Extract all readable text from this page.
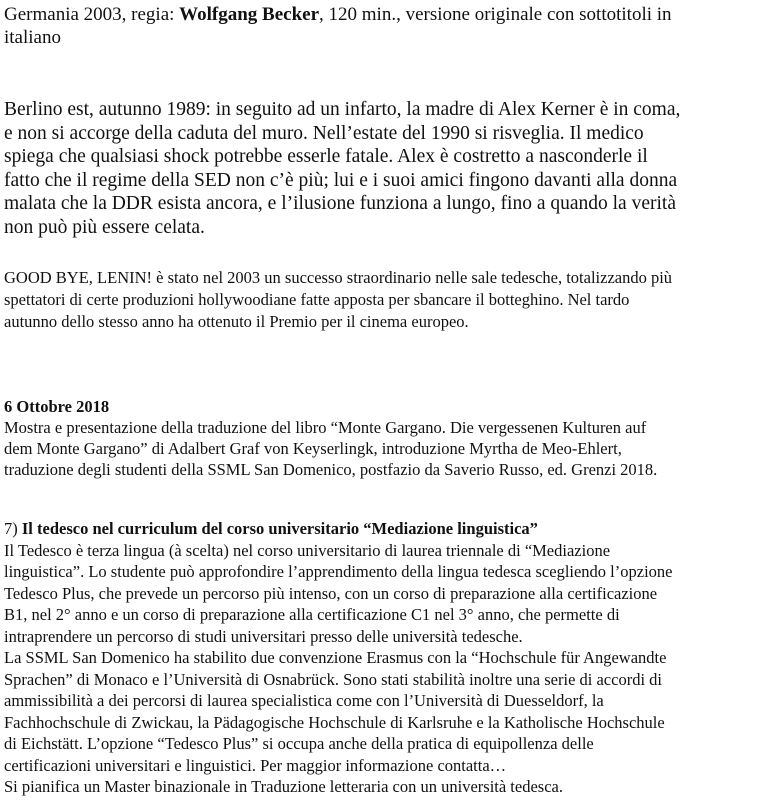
Germania 2003, regia: Wolfgang Becker, 120 min., versione originale con sottotitoli in
italiano
Berlino est, autunno 1989: in seguito ad un infarto, la madre di Alex Kerner è in coma,
e non si accorge della caduta del muro. Nell’estate del 1990 si risveglia. Il medico
spiega che qualsiasi shock potrebbe esserle fatale. Alex è costretto a nasconderle il
fatto che il regime della SED non c’è più; lui e i suoi amici fingono davanti alla donna
malata che la DDR esista ancora, e l’ilusione funziona a lungo, fino a quando la verità
non può più essere celata.
GOOD BYE, LENIN! è stato nel 2003 un successo straordinario nelle sale tedesche, totalizzando più
spettatori di certe produzioni hollywoodiane fatte apposta per sbancare il botteghino. Nel tardo
autunno dello stesso anno ha ottenuto il Premio per il cinema europeo.
6 Ottobre 2018
Mostra e presentazione della traduzione del libro “Monte Gargano. Die vergessenen Kulturen auf
dem Monte Gargano” di Adalbert Graf von Keyserlingk, introduzione Myrtha de Meo-Ehlert,
traduzione degli studenti della SSML San Domenico, postfazio da Saverio Russo, ed. Grenzi 2018.
7) Il tedesco nel curriculum del corso universitario “Mediazione linguistica”
Il Tedesco è terza lingua (à scelta) nel corso universitario di laurea triennale di “Mediazione
linguistica”. Lo studente può approfondire l’apprendimento della lingua tedesca scegliendo l’opzione
Tedesco Plus, che prevede un percorso più intenso, con un corso di preparazione alla certificazione
B1, nel 2° anno e un corso di preparazione alla certificazione C1 nel 3° anno, che permette di
intraprendere un percorso di studi universitari presso delle università tedesche.
La SSML San Domenico ha stabilito due convenzione Erasmus con la “Hochschule für Angewandte
Sprachen” di Monaco e l’Università di Osnabrück. Sono stati stabilità inoltre una serie di accordi di
ammissibilità a dei percorsi di laurea specialistica come con l’Università di Duesseldorf, la
Fachhochschule di Zwickau, la Pädagogische Hochschule di Karlsruhe e la Katholische Hochschule
di Eichstätt. L’opzione “Tedesco Plus” si occupa anche della pratica di equipollenza delle
certificazioni universitari e linguistici. Per maggior informazione contatta…
Si pianifica un Master binazionale in Traduzione letteraria con un università tedesca.
